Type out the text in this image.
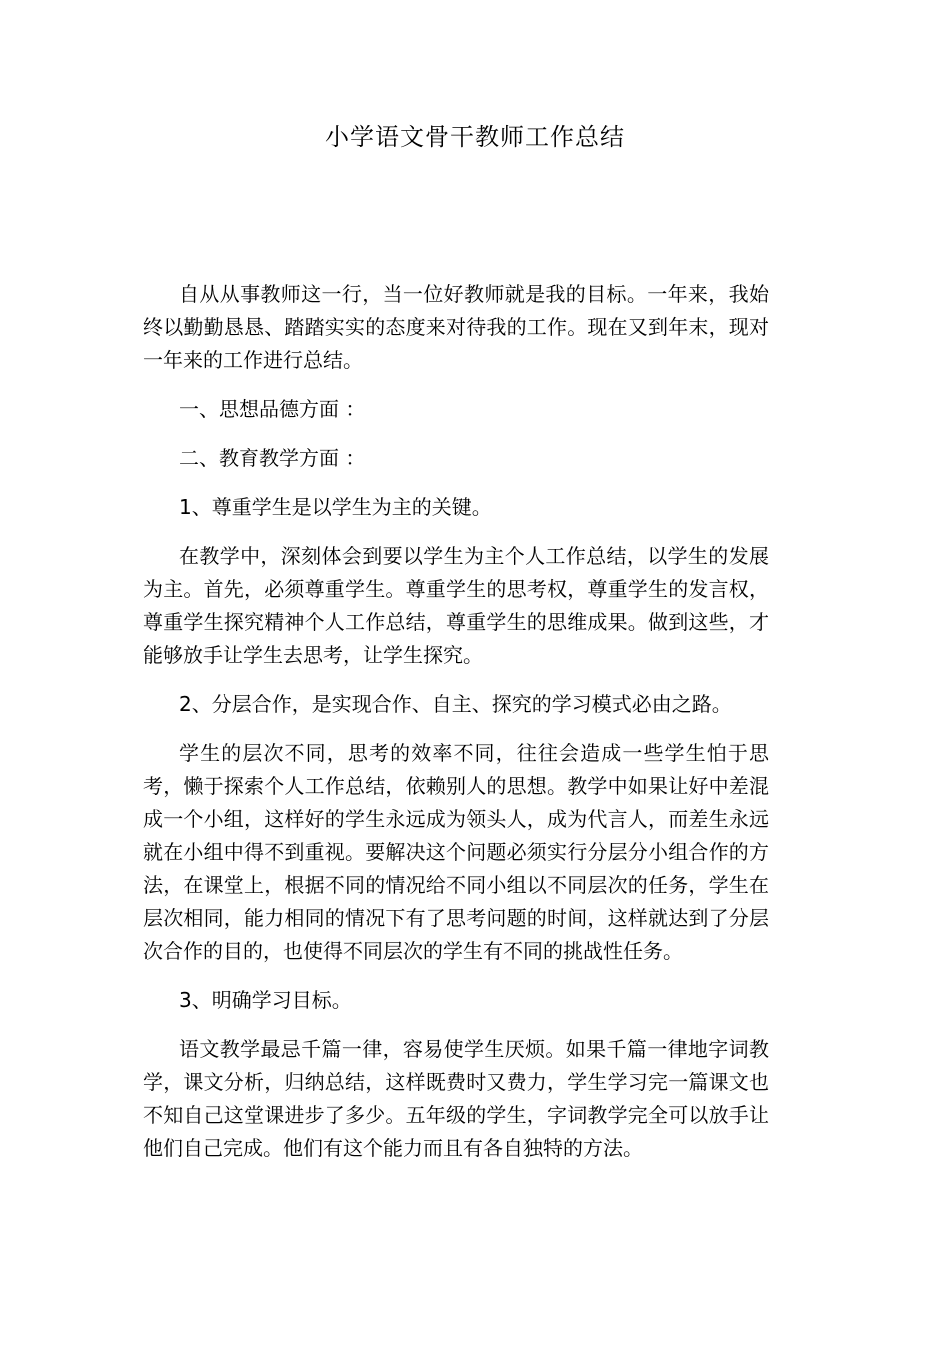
小学语文骨干教师工作总结

自从从事教师这一行，当一位好教师就是我的目标。一年来，我始终以勤勤恳恳、踏踏实实的态度来对待我的工作。现在又到年末，现对一年来的工作进行总结。

一、思想品德方面 ：

二、教育教学方面 ：

1、尊重学生是以学生为主的关键。

在教学中，深刻体会到要以学生为主个人工作总结，以学生的发展为主。首先，必须尊重学生。尊重学生的思考权，尊重学生的发言权，尊重学生探究精神个人工作总结，尊重学生的思维成果。做到这些，才能够放手让学生去思考，让学生探究。

2、分层合作，是实现合作、自主、探究的学习模式必由之路。

学生的层次不同，思考的效率不同，往往会造成一些学生怕于思考，懒于探索个人工作总结，依赖别人的思想。教学中如果让好中差混成一个小组，这样好的学生永远成为领头人，成为代言人，而差生永远就在小组中得不到重视。要解决这个问题必须实行分层分小组合作的方法，在课堂上，根据不同的情况给不同小组以不同层次的任务，学生在层次相同，能力相同的情况下有了思考问题的时间，这样就达到了分层次合作的目的，也使得不同层次的学生有不同的挑战性任务。

3、明确学习目标。

语文教学最忌千篇一律，容易使学生厌烦。如果千篇一律地字词教学，课文分析，归纳总结，这样既费时又费力，学生学习完一篇课文也不知自己这堂课进步了多少。五年级的学生，字词教学完全可以放手让他们自己完成。他们有这个能力而且有各自独特的方法。
